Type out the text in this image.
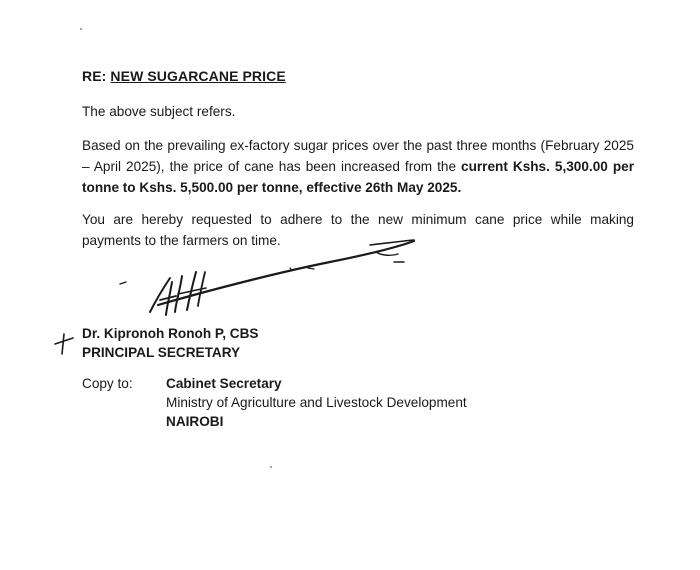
RE: NEW SUGARCANE PRICE
The above subject refers.
Based on the prevailing ex-factory sugar prices over the past three months (February 2025 – April 2025), the price of cane has been increased from the current Kshs. 5,300.00 per tonne to Kshs. 5,500.00 per tonne, effective 26th May 2025.
You are hereby requested to adhere to the new minimum cane price while making payments to the farmers on time.
Dr. Kipronoh Ronoh P, CBS
PRINCIPAL SECRETARY
Copy to: Cabinet Secretary
Ministry of Agriculture and Livestock Development
NAIROBI
